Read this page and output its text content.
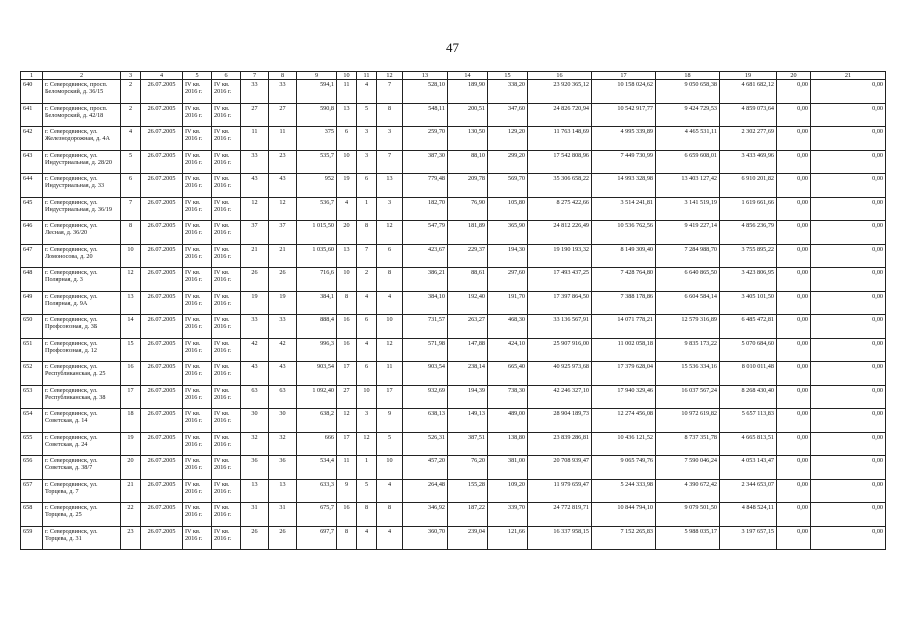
47
1	2	3	4	5	6	7	8	9	10	11	12	13	14	15	16	17	18	19	20	21
640	г. Северодвинск, просп. Беломорский, д. 36/15	2	26.07.2005	IV кв. 2016 г.	IV кв. 2016 г.	33	33	594,1	11	4	7	528,10	189,90	338,20	23 920 365,12	10 158 024,62	9 050 658,38	4 681 682,12	0,00	0,00
641	г. Северодвинск, просп. Беломорский, д. 42/18	2	26.07.2005	IV кв. 2016 г.	IV кв. 2016 г.	27	27	590,8	13	5	8	548,11	200,51	347,60	24 826 720,94	10 542 917,77	9 424 729,53	4 859 073,64	0,00	0,00
642	г. Северодвинск, ул. Железнодорожная, д. 4А	4	26.07.2005	IV кв. 2016 г.	IV кв. 2016 г.	11	11	375	6	3	3	259,70	130,50	129,20	11 763 148,69	4 995 339,89	4 465 531,11	2 302 277,69	0,00	0,00
643	г. Северодвинск, ул. Индустриальная, д. 28/20	5	26.07.2005	IV кв. 2016 г.	IV кв. 2016 г.	33	23	535,7	10	3	7	387,30	88,10	299,20	17 542 808,96	7 449 730,99	6 659 608,01	3 433 469,96	0,00	0,00
644	г. Северодвинск, ул. Индустриальная, д. 33	6	26.07.2005	IV кв. 2016 г.	IV кв. 2016 г.	43	43	952	19	6	13	779,48	209,78	569,70	35 306 658,22	14 993 328,98	13 403 127,42	6 910 201,82	0,00	0,00
645	г. Северодвинск, ул. Индустриальная, д. 36/19	7	26.07.2005	IV кв. 2016 г.	IV кв. 2016 г.	12	12	536,7	4	1	3	182,70	76,90	105,80	8 275 422,66	3 514 241,81	3 141 519,19	1 619 661,66	0,00	0,00
646	г. Северодвинск, ул. Лесная, д. 36/20	8	26.07.2005	IV кв. 2016 г.	IV кв. 2016 г.	37	37	1 015,50	20	8	12	547,79	181,89	365,90	24 812 226,49	10 536 762,56	9 419 227,14	4 856 236,79	0,00	0,00
647	г. Северодвинск, ул. Ломоносова, д. 20	10	26.07.2005	IV кв. 2016 г.	IV кв. 2016 г.	21	21	1 035,60	13	7	6	423,67	229,37	194,30	19 190 193,32	8 149 309,40	7 284 988,70	3 755 895,22	0,00	0,00
648	г. Северодвинск, ул. Полярная, д. 3	12	26.07.2005	IV кв. 2016 г.	IV кв. 2016 г.	26	26	716,6	10	2	8	386,21	88,61	297,60	17 493 437,25	7 428 764,80	6 640 865,50	3 423 806,95	0,00	0,00
649	г. Северодвинск, ул. Полярная, д. 9А	13	26.07.2005	IV кв. 2016 г.	IV кв. 2016 г.	19	19	384,1	8	4	4	384,10	192,40	191,70	17 397 864,50	7 388 178,86	6 604 584,14	3 405 101,50	0,00	0,00
650	г. Северодвинск, ул. Профсоюзная, д. 3Б	14	26.07.2005	IV кв. 2016 г.	IV кв. 2016 г.	33	33	888,4	16	6	10	731,57	263,27	468,30	33 136 567,91	14 071 778,21	12 579 316,89	6 485 472,81	0,00	0,00
651	г. Северодвинск, ул. Профсоюзная, д. 12	15	26.07.2005	IV кв. 2016 г.	IV кв. 2016 г.	42	42	996,3	16	4	12	571,98	147,88	424,10	25 907 916,00	11 002 058,18	9 835 173,22	5 070 684,60	0,00	0,00
652	г. Северодвинск, ул. Республиканская, д. 25	16	26.07.2005	IV кв. 2016 г.	IV кв. 2016 г.	43	43	903,54	17	6	11	903,54	238,14	665,40	40 925 973,68	17 379 628,04	15 536 334,16	8 010 011,48	0,00	0,00
653	г. Северодвинск, ул. Республиканская, д. 38	17	26.07.2005	IV кв. 2016 г.	IV кв. 2016 г.	63	63	1 092,40	27	10	17	932,69	194,39	738,30	42 246 327,10	17 940 329,46	16 037 567,24	8 268 430,40	0,00	0,00
654	г. Северодвинск, ул. Советская, д. 14	18	26.07.2005	IV кв. 2016 г.	IV кв. 2016 г.	30	30	638,2	12	3	9	638,13	149,13	489,00	28 904 189,73	12 274 456,08	10 972 619,82	5 657 113,83	0,00	0,00
655	г. Северодвинск, ул. Советская, д. 24	19	26.07.2005	IV кв. 2016 г.	IV кв. 2016 г.	32	32	666	17	12	5	526,31	387,51	138,80	23 839 286,81	10 436 121,52	8 737 351,78	4 665 813,51	0,00	0,00
656	г. Северодвинск, ул. Советская, д. 38/7	20	26.07.2005	IV кв. 2016 г.	IV кв. 2016 г.	36	36	534,4	11	1	10	457,20	76,20	381,00	20 708 939,47	9 065 749,76	7 590 046,24	4 053 143,47	0,00	0,00
657	г. Северодвинск, ул. Торцева, д. 7	21	26.07.2005	IV кв. 2016 г.	IV кв. 2016 г.	13	13	633,3	9	5	4	264,48	155,28	109,20	11 979 659,47	5 244 333,98	4 390 672,42	2 344 653,07	0,00	0,00
658	г. Северодвинск, ул. Торцева, д. 25	22	26.07.2005	IV кв. 2016 г.	IV кв. 2016 г.	31	31	675,7	16	8	8	346,92	187,22	339,70	24 772 819,71	10 844 794,10	9 079 501,50	4 848 524,11	0,00	0,00
659	г. Северодвинск, ул. Торцева, д. 31	23	26.07.2005	IV кв. 2016 г.	IV кв. 2016 г.	26	26	697,7	8	4	4	360,70	239,04	121,66	16 337 958,15	7 152 265,83	5 988 035,17	3 197 657,15	0,00	0,00
